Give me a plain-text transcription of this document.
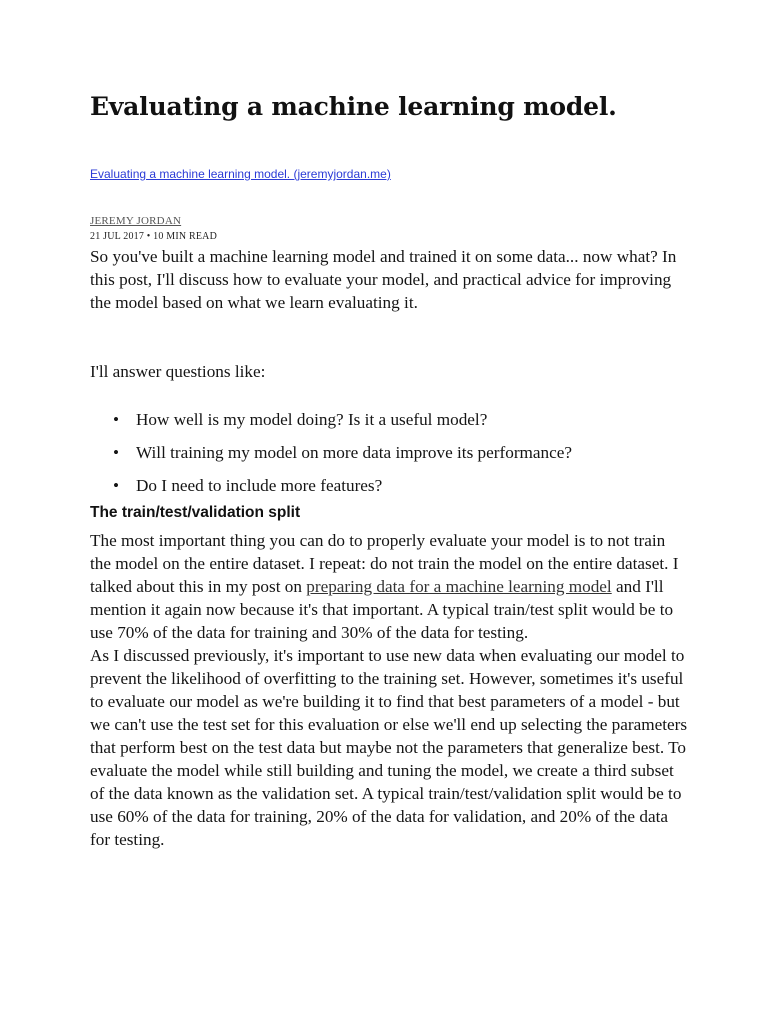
Evaluating a machine learning model.
Evaluating a machine learning model. (jeremyjordan.me)
JEREMY JORDAN
21 JUL 2017 • 10 MIN READ

So you've built a machine learning model and trained it on some data... now what? In this post, I'll discuss how to evaluate your model, and practical advice for improving the model based on what we learn evaluating it.

I'll answer questions like:

• How well is my model doing? Is it a useful model?
• Will training my model on more data improve its performance?
• Do I need to include more features?
The train/test/validation split

The most important thing you can do to properly evaluate your model is to not train the model on the entire dataset. I repeat: do not train the model on the entire dataset. I talked about this in my post on preparing data for a machine learning model and I'll mention it again now because it's that important. A typical train/test split would be to use 70% of the data for training and 30% of the data for testing.

As I discussed previously, it's important to use new data when evaluating our model to prevent the likelihood of overfitting to the training set. However, sometimes it's useful to evaluate our model as we're building it to find that best parameters of a model - but we can't use the test set for this evaluation or else we'll end up selecting the parameters that perform best on the test data but maybe not the parameters that generalize best. To evaluate the model while still building and tuning the model, we create a third subset of the data known as the validation set. A typical train/test/validation split would be to use 60% of the data for training, 20% of the data for validation, and 20% of the data for testing.
